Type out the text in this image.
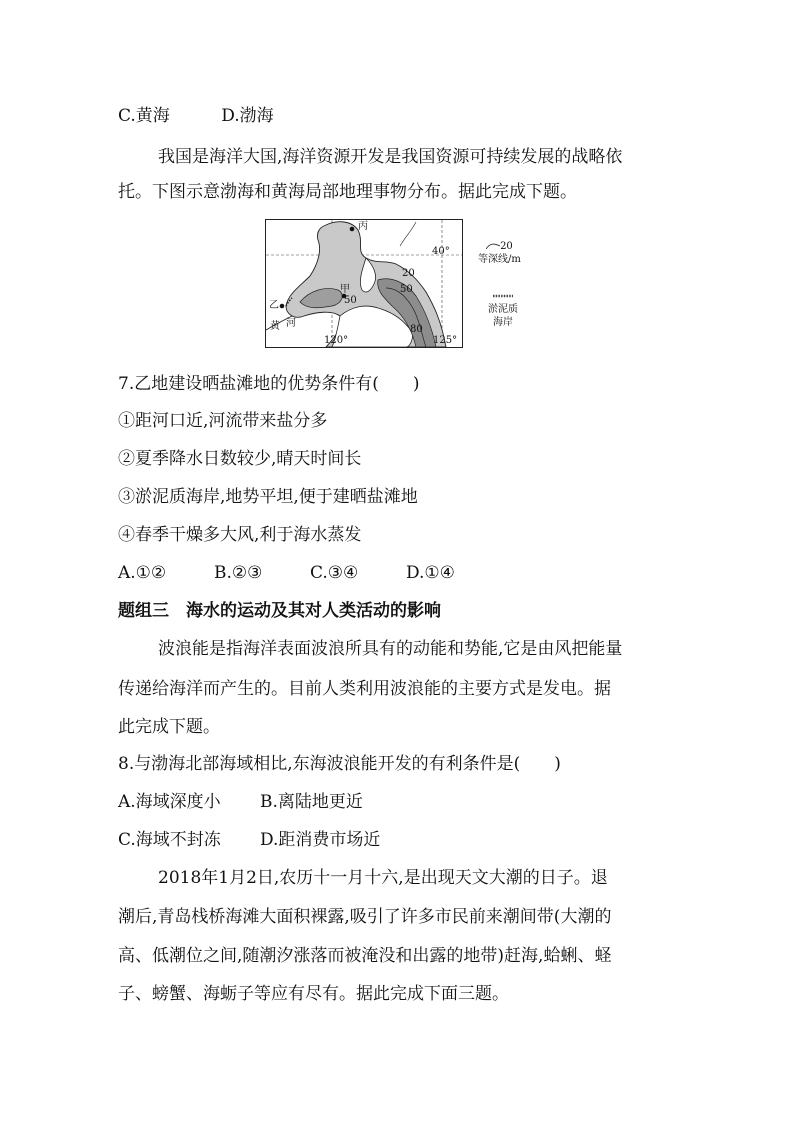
C.黄海	D.渤海
我国是海洋大国,海洋资源开发是我国资源可持续发展的战略依
托。下图示意渤海和黄海局部地理事物分布。据此完成下题。
丙
40°
甲
乙
20
50
50
80
黄 河
120°	125°
20
等深线/m
淤泥质
海岸
7.乙地建设晒盐滩地的优势条件有(　　)
①距河口近,河流带来盐分多
②夏季降水日数较少,晴天时间长
③淤泥质海岸,地势平坦,便于建晒盐滩地
④春季干燥多大风,利于海水蒸发
A.①②	B.②③	C.③④	D.①④
题组三　海水的运动及其对人类活动的影响
波浪能是指海洋表面波浪所具有的动能和势能,它是由风把能量
传递给海洋而产生的。目前人类利用波浪能的主要方式是发电。据
此完成下题。
8.与渤海北部海域相比,东海波浪能开发的有利条件是(　　)
A.海域深度小 B.离陆地更近
C.海域不封冻 D.距消费市场近
2018年1月2日,农历十一月十六,是出现天文大潮的日子。退
潮后,青岛栈桥海滩大面积裸露,吸引了许多市民前来潮间带(大潮的
高、低潮位之间,随潮汐涨落而被淹没和出露的地带)赶海,蛤蜊、蛏
子、螃蟹、海蛎子等应有尽有。据此完成下面三题。
